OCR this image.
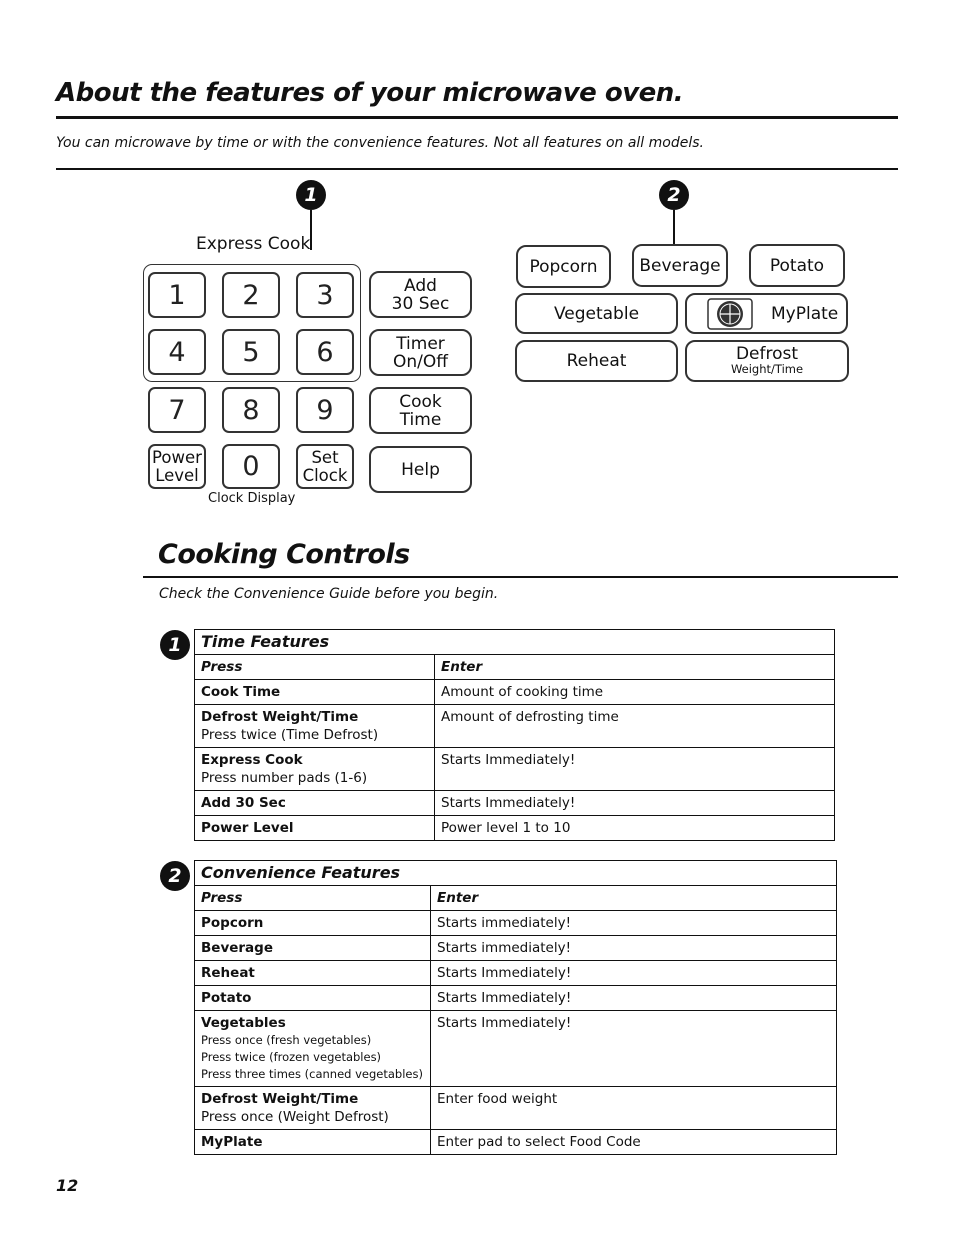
About the features of your microwave oven.
You can microwave by time or with the convenience features. Not all features on all models.
1	2
Express Cook
1	2	3
4	5	6
7	8	9
Power
Level	0	Set
Clock
Add
30 Sec
Timer
On/Off
Cook
Time
Help
Clock Display
Popcorn	Beverage	Potato
Vegetable	MyPlate
Reheat	Defrost
Weight/Time
Cooking Controls
Check the Convenience Guide before you begin.
1	Time Features	
Press	Enter
Cook Time	Amount of cooking time

Defrost Weight/Time
Press twice (Time Defrost)	Amount of defrosting time

Express Cook
Press number pads (1-6)	Starts Immediately!
Add 30 Sec	Starts Immediately!
Power Level	Power level 1 to 10
2	Convenience Features	
Press	Enter
Popcorn	Starts immediately!
Beverage	Starts immediately!
Reheat	Starts Immediately!
Potato	Starts Immediately!

Vegetables
Press once (fresh vegetables)
Press twice (frozen vegetables)
Press three times (canned vegetables)	Starts Immediately!

Defrost Weight/Time
Press once (Weight Defrost)	Enter food weight
MyPlate	Enter pad to select Food Code
12
